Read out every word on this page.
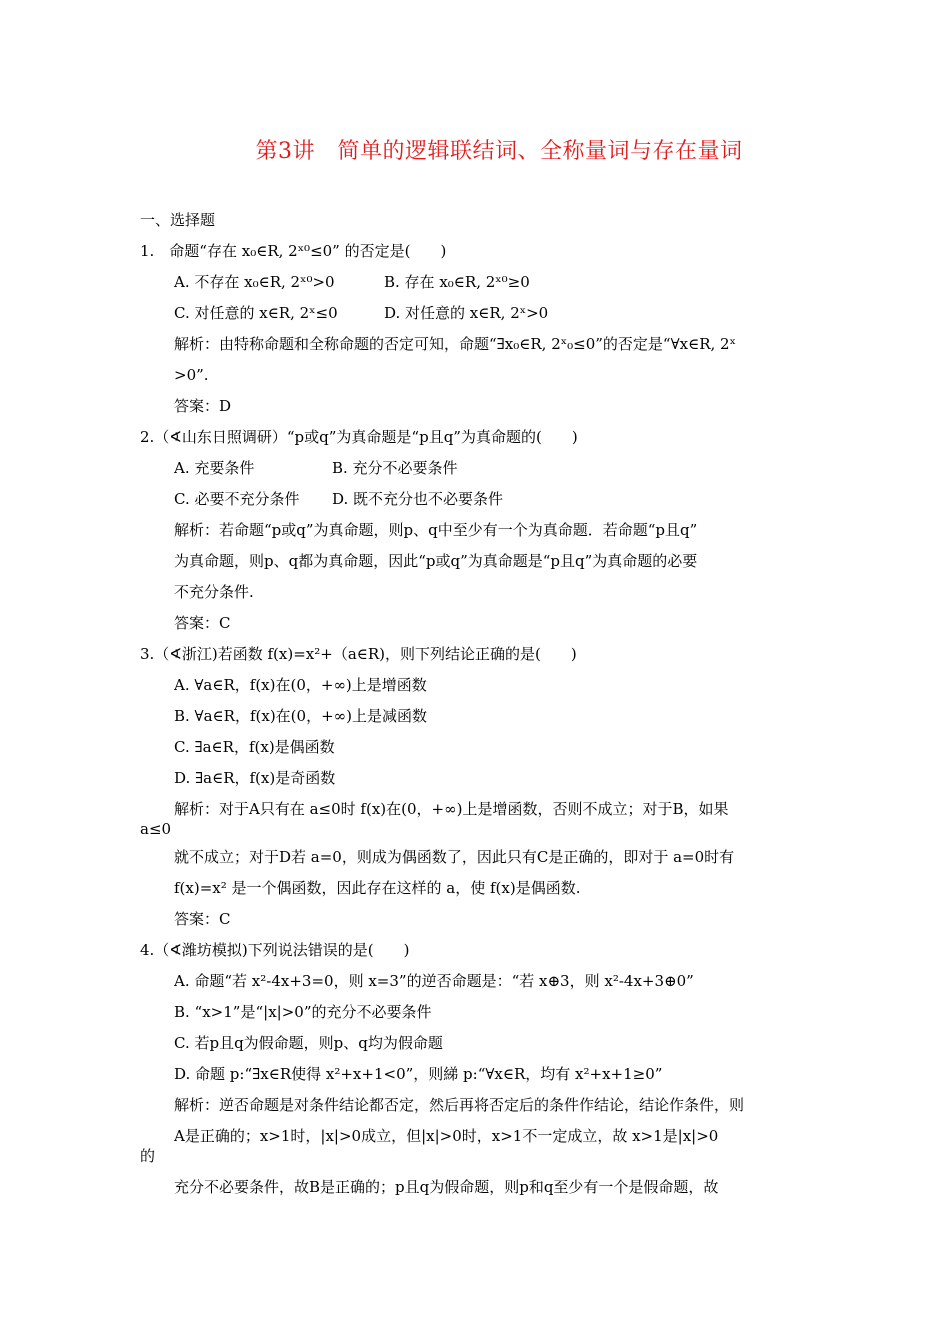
第3讲　简单的逻辑联结词、全称量词与存在量词
一、选择题
1.　命题“存在 x₀∈R, 2ˣ⁰≤0” 的否定是(　　)
A. 不存在 x₀∈R, 2ˣ⁰>0	B. 存在 x₀∈R, 2ˣ⁰≥0
C. 对任意的 x∈R, 2ˣ≤0	D. 对任意的 x∈R, 2ˣ>0
解析：由特称命题和全称命题的否定可知，命题“∃x₀∈R, 2ˣ₀≤0”的否定是“∀x∈R, 2ˣ
>0”.
答案：D
2.（∢山东日照调研）“p或q”为真命题是“p且q”为真命题的(　　)
A. 充要条件	B. 充分不必要条件
C. 必要不充分条件 D. 既不充分也不必要条件
解析：若命题“p或q”为真命题，则p、q中至少有一个为真命题．若命题“p且q”
为真命题，则p、q都为真命题，因此“p或q”为真命题是“p且q”为真命题的必要
不充分条件.
答案：C
3.（∢浙江)若函数 f(x)=x²+（a∈R)，则下列结论正确的是(　　)
A. ∀a∈R，f(x)在(0，+∞)上是增函数
B. ∀a∈R，f(x)在(0，+∞)上是减函数
C. ∃a∈R，f(x)是偶函数
D. ∃a∈R，f(x)是奇函数
解析：对于A只有在 a≤0时 f(x)在(0，+∞)上是增函数，否则不成立；对于B，如果
a≤0
就不成立；对于D若 a=0，则成为偶函数了，因此只有C是正确的，即对于 a=0时有
f(x)=x² 是一个偶函数，因此存在这样的 a，使 f(x)是偶函数.
答案：C
4.（∢潍坊模拟)下列说法错误的是(　　)
A. 命题“若 x²-4x+3=0，则 x=3”的逆否命题是：“若 x⊕3，则 x²-4x+3⊕0”
B. “x>1”是“|x|>0”的充分不必要条件
C. 若p且q为假命题，则p、q均为假命题
D. 命题 p:“∃x∈R使得 x²+x+1<0”，则綈 p:“∀x∈R，均有 x²+x+1≥0”
解析：逆否命题是对条件结论都否定，然后再将否定后的条件作结论，结论作条件，则
A是正确的；x>1时，|x|>0成立，但|x|>0时，x>1不一定成立，故 x>1是|x|>0
的
充分不必要条件，故B是正确的；p且q为假命题，则p和q至少有一个是假命题，故
